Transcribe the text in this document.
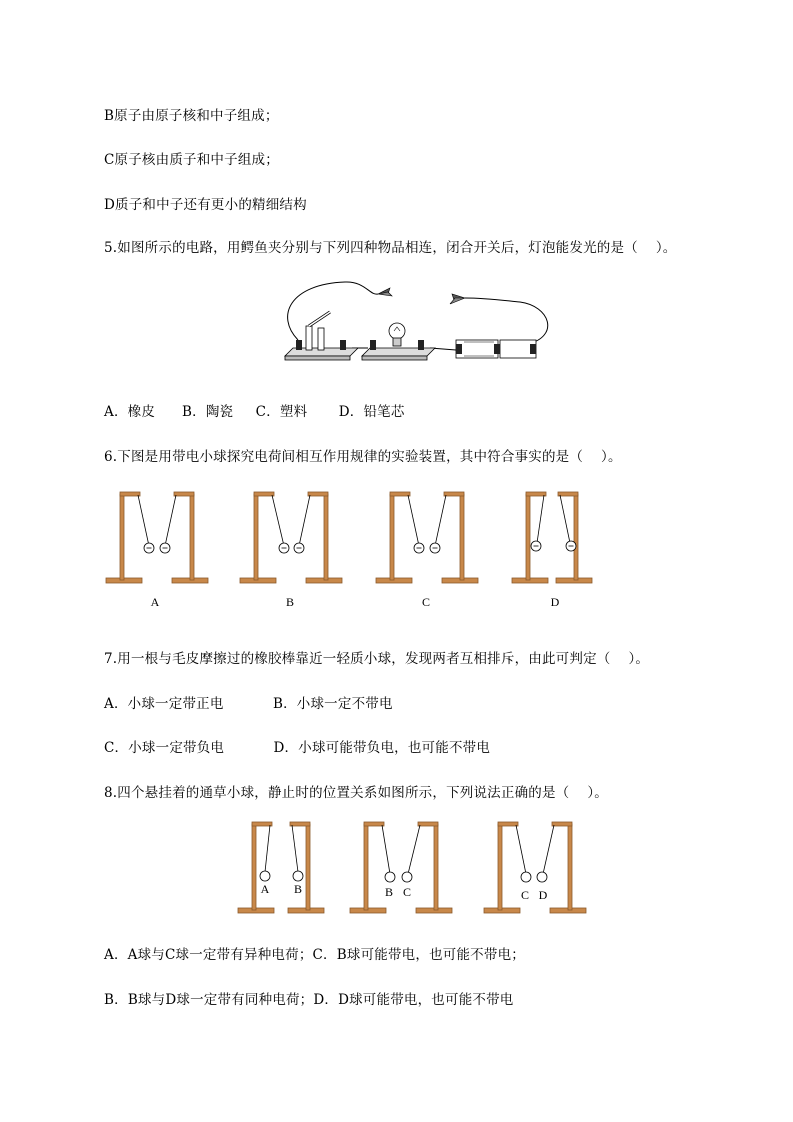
B原子由原子核和中子组成；
C原子核由质子和中子组成；
D质子和中子还有更小的精细结构
5.如图所示的电路，用鳄鱼夹分别与下列四种物品相连，闭合开关后，灯泡能发光的是（    ）。
A．橡皮      B．陶瓷     C．塑料       D．铅笔芯
6.下图是用带电小球探究电荷间相互作用规律的实验装置，其中符合事实的是（    ）。
A	B	C	D
7.用一根与毛皮摩擦过的橡胶棒靠近一轻质小球，发现两者互相排斥，由此可判定（    ）。
A．小球一定带正电           B．小球一定不带电
C．小球一定带负电           D．小球可能带负电，也可能不带电
8.四个悬挂着的通草小球，静止时的位置关系如图所示，下列说法正确的是（    ）。
A B	B C	C D
A．A球与C球一定带有异种电荷；C．B球可能带电，也可能不带电；
B．B球与D球一定带有同种电荷；D．D球可能带电，也可能不带电
